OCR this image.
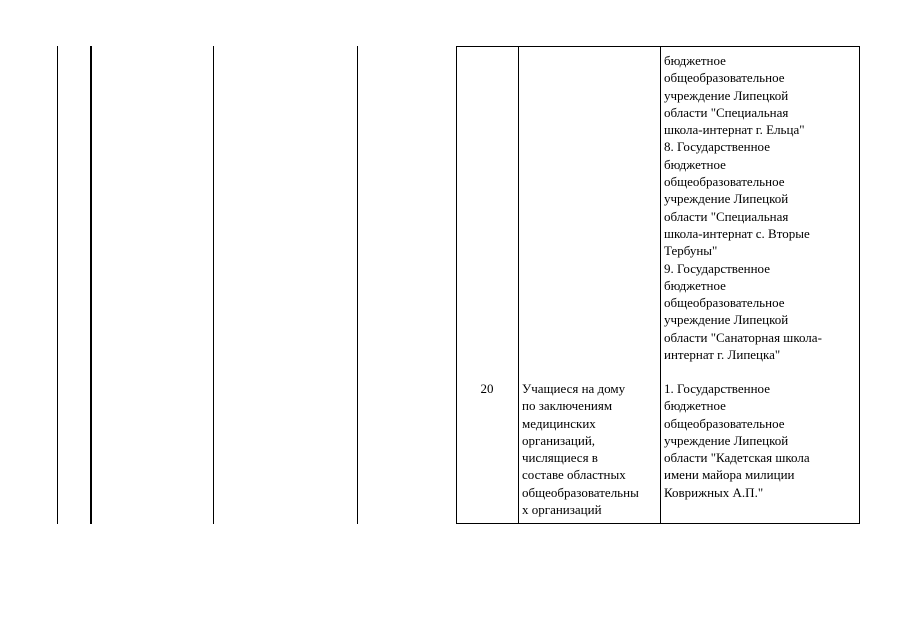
бюджетное
общеобразовательное
учреждение Липецкой
области "Специальная
школа-интернат г. Ельца"
8. Государственное
бюджетное
общеобразовательное
учреждение Липецкой
области "Специальная
школа-интернат с. Вторые
Тербуны"
9. Государственное
бюджетное
общеобразовательное
учреждение Липецкой
области "Санаторная школа-
интернат г. Липецка"
20	Учащиеся на дому
по заключениям
медицинских
организаций,
числящиеся в
составе областных
общеобразовательны
х организаций
1. Государственное
бюджетное
общеобразовательное
учреждение Липецкой
области "Кадетская школа
имени майора милиции
Коврижных А.П."
